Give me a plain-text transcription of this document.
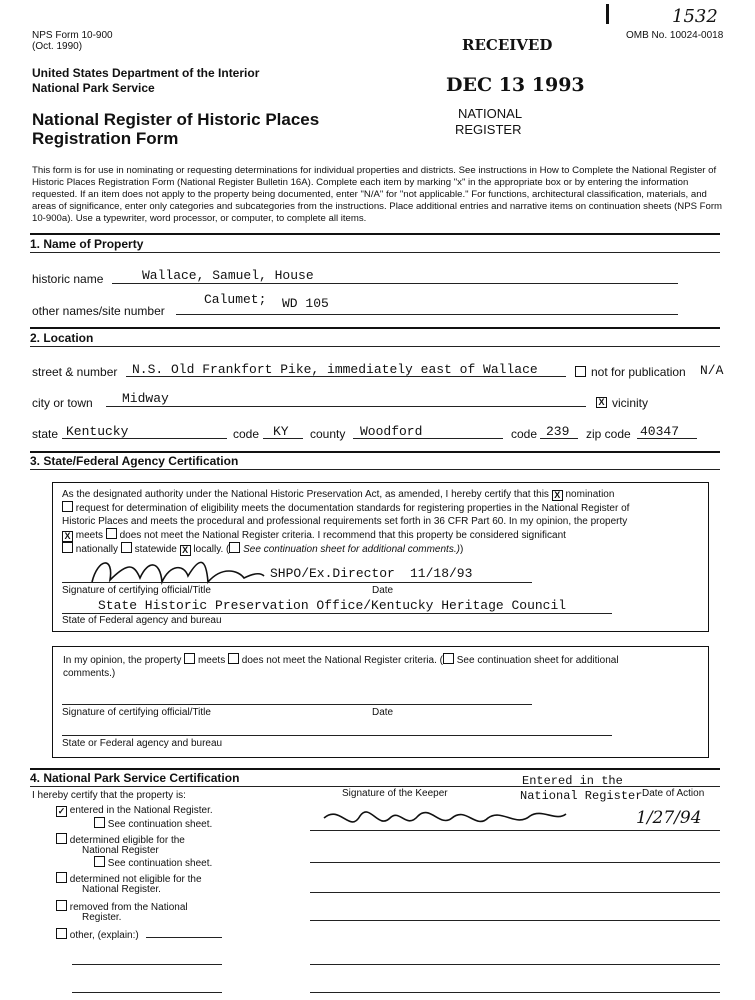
NPS Form 10-900
(Oct. 1990)
OMB No. 10024-0018
1532
RECEIVED
DEC 13 1993
NATIONAL
REGISTER
United States Department of the Interior
National Park Service
National Register of Historic Places
Registration Form
This form is for use in nominating or requesting determinations for individual properties and districts. See instructions in How to Complete the National Register of Historic Places Registration Form (National Register Bulletin 16A). Complete each item by marking "x" in the appropriate box or by entering the information requested. If an item does not apply to the property being documented, enter "N/A" for "not applicable." For functions, architectural classification, materials, and areas of significance, enter only categories and subcategories from the instructions. Place additional entries and narrative items on continuation sheets (NPS Form 10-900a). Use a typewriter, word processor, or computer, to complete all items.
1. Name of Property
historic name	Wallace, Samuel, House
other names/site number
Calumet; WD 105
2. Location
street & number N.S. Old Frankfort Pike, immediately east of Wallace	not for publication N/A
city or town Midway	X vicinity
state Kentucky	code KY county Woodford	code 239 zip code 40347
3. State/Federal Agency Certification
As the designated authority under the National Historic Preservation Act, as amended, I hereby certify that this X nomination
request for determination of eligibility meets the documentation standards for registering properties in the National Register of
Historic Places and meets the procedural and professional requirements set forth in 36 CFR Part 60. In my opinion, the property
X meets does not meet the National Register criteria. I recommend that this property be considered significant
nationally statewide X locally. ( See continuation sheet for additional comments.))
SHPO/Ex.Director 11/18/93
Signature of certifying official/Title	Date
State Historic Preservation Office/Kentucky Heritage Council
State of Federal agency and bureau
In my opinion, the property meets does not meet the National Register criteria. ( See continuation sheet for additional
comments.)
Signature of certifying official/Title	Date
State or Federal agency and bureau
4. National Park Service Certification
I hereby certify that the property is:	Signature of the Keeper	Date of Action
Entered in the
National Register
1/27/94
✓ entered in the National Register.
See continuation sheet.
determined eligible for the
National Register
See continuation sheet.
determined not eligible for the
National Register.
removed from the National
Register.
other, (explain:)
